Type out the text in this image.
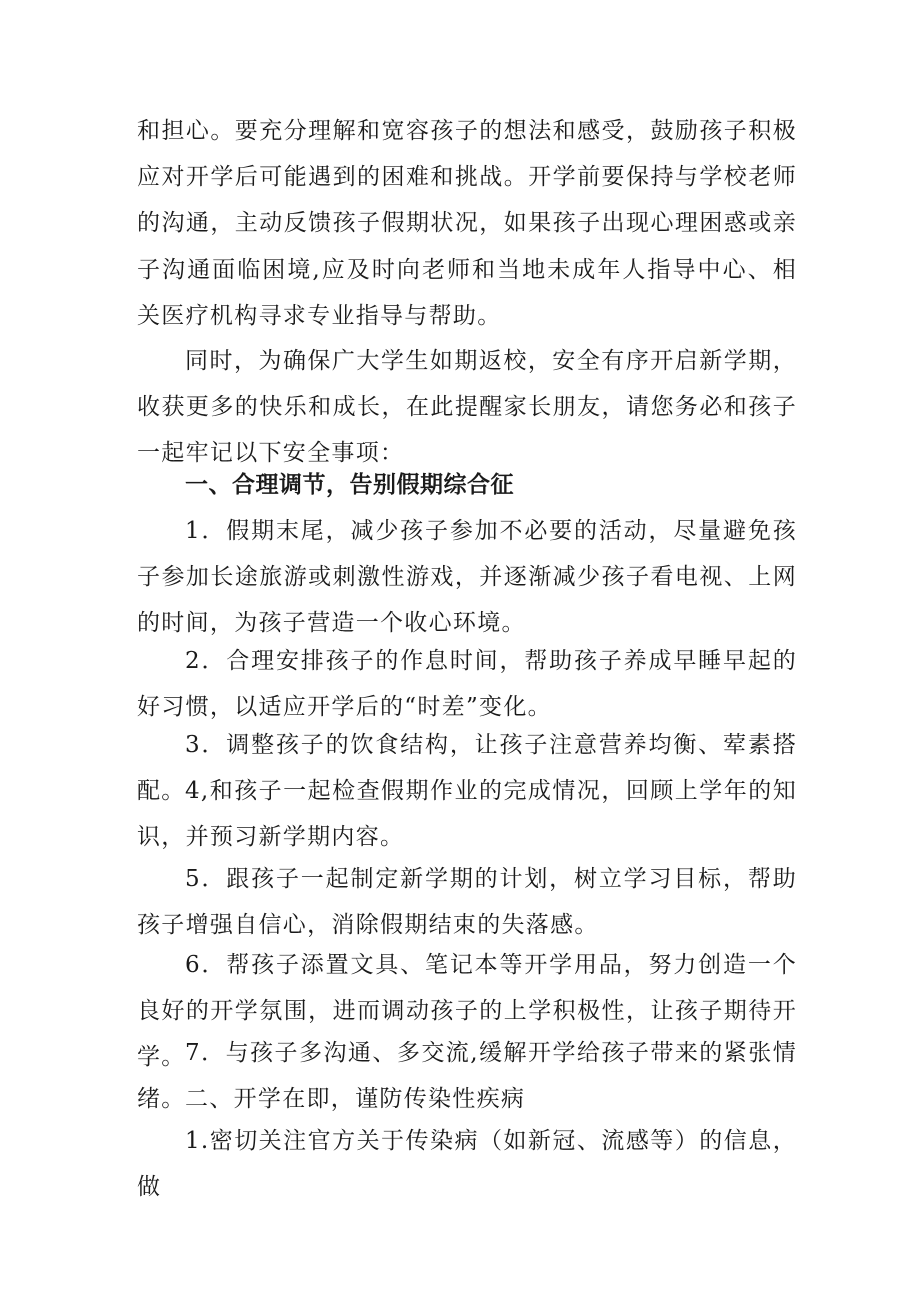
和担心。要充分理解和宽容孩子的想法和感受，鼓励孩子积极应对开学后可能遇到的困难和挑战。开学前要保持与学校老师的沟通，主动反馈孩子假期状况，如果孩子出现心理困惑或亲子沟通面临困境,应及时向老师和当地未成年人指导中心、相关医疗机构寻求专业指导与帮助。

同时，为确保广大学生如期返校，安全有序开启新学期，收获更多的快乐和成长，在此提醒家长朋友，请您务必和孩子一起牢记以下安全事项：

一、合理调节，告别假期综合征

1．假期末尾，减少孩子参加不必要的活动，尽量避免孩子参加长途旅游或刺激性游戏，并逐渐减少孩子看电视、上网的时间，为孩子营造一个收心环境。

2．合理安排孩子的作息时间，帮助孩子养成早睡早起的好习惯，以适应开学后的“时差”变化。

3．调整孩子的饮食结构，让孩子注意营养均衡、荤素搭配。 4,和孩子一起检查假期作业的完成情况，回顾上学年的知识，并预习新学期内容。

5．跟孩子一起制定新学期的计划，树立学习目标，帮助孩子增强自信心，消除假期结束的失落感。

6．帮孩子添置文具、笔记本等开学用品，努力创造一个良好的开学氛围，进而调动孩子的上学积极性，让孩子期待开学。 7．与孩子多沟通、多交流,缓解开学给孩子带来的紧张情绪。 二、开学在即，谨防传染性疾病

1.密切关注官方关于传染病（如新冠、流感等）的信息，做
